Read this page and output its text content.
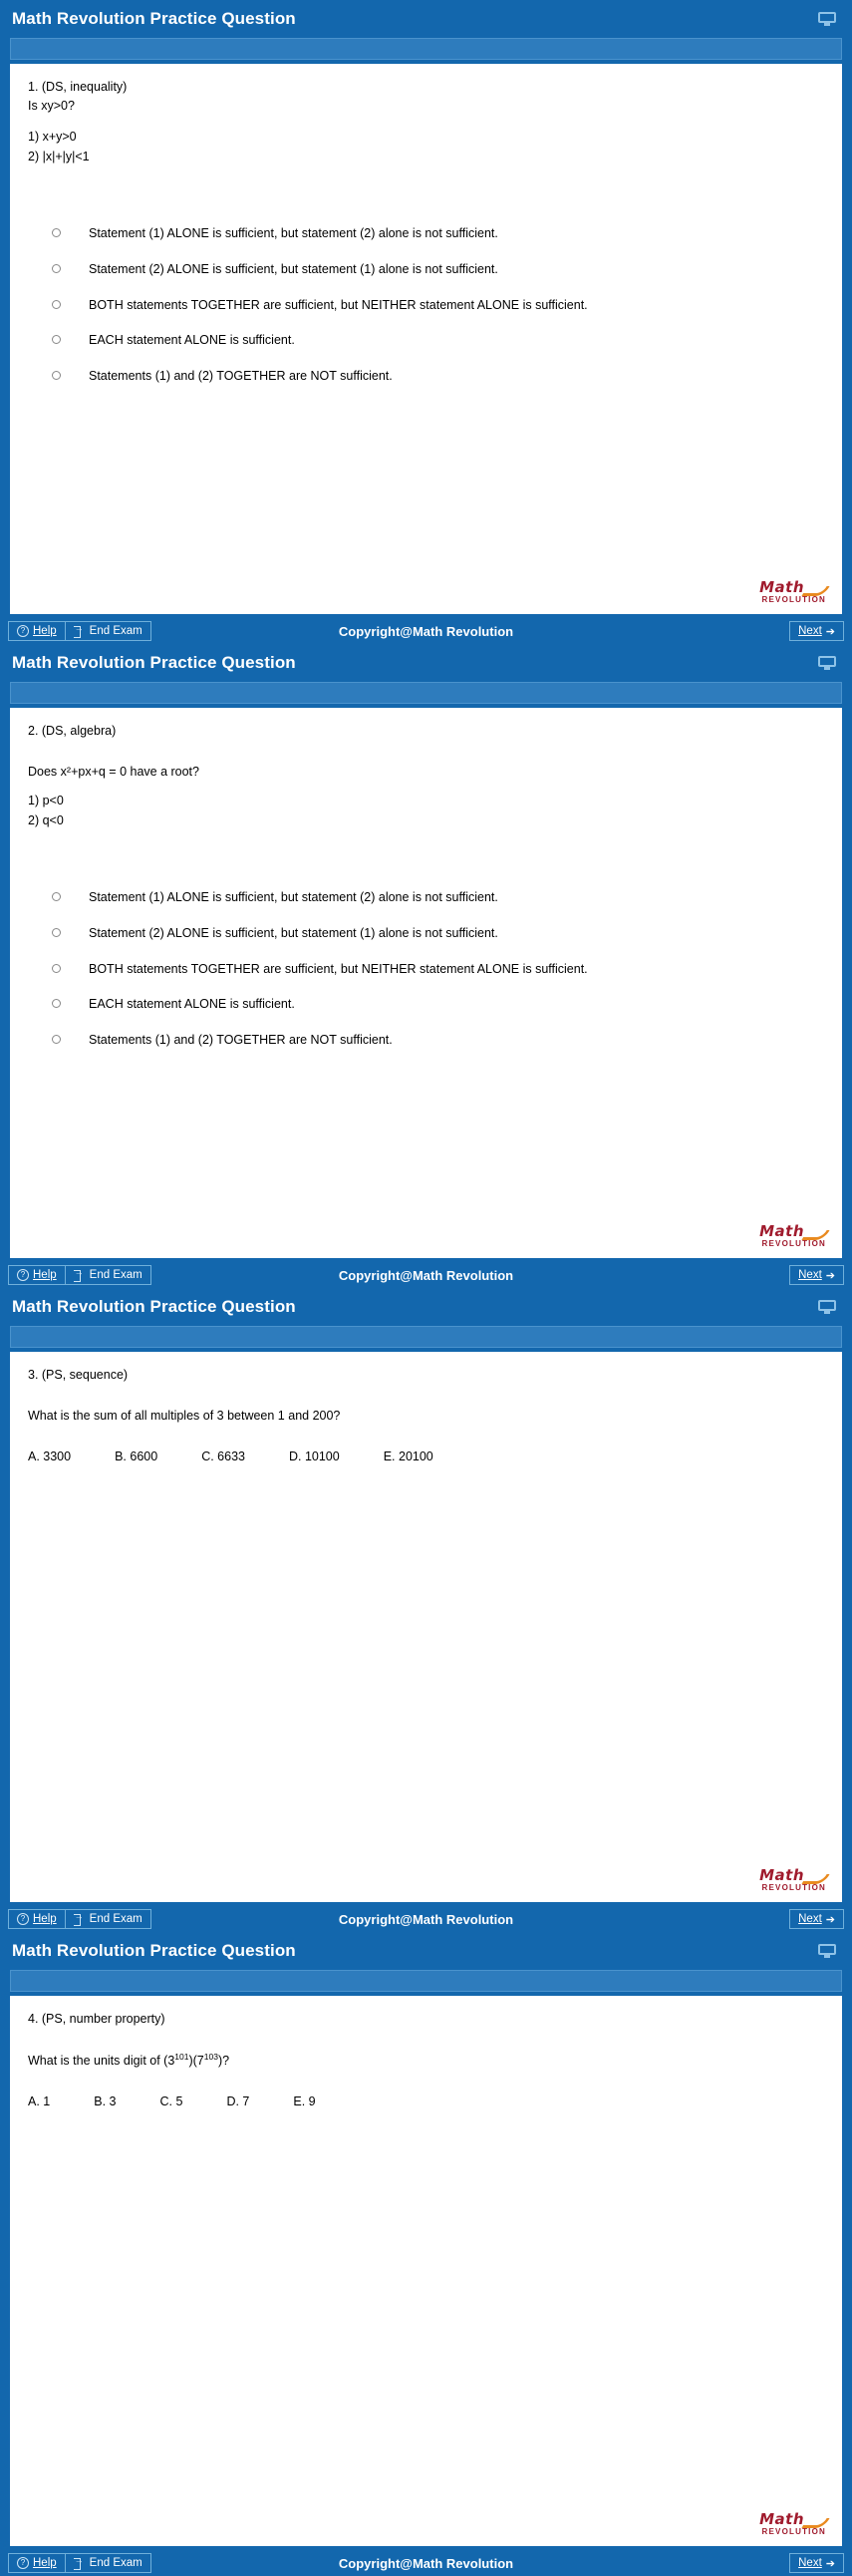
Math Revolution Practice Question
1. (DS, inequality)
Is xy>0?
1) x+y>0
2) |x|+|y|<1
Statement (1) ALONE is sufficient, but statement (2) alone is not sufficient.
Statement (2) ALONE is sufficient, but statement (1) alone is not sufficient.
BOTH statements TOGETHER are sufficient, but NEITHER statement ALONE is sufficient.
EACH statement ALONE is sufficient.
Statements (1) and (2) TOGETHER are NOT sufficient.
Math
REVOLUTION
? Help →	End Exam	Copyright@Math Revolution	Next ➔
Math Revolution Practice Question
2. (DS, algebra)
Does x²+px+q = 0 have a root?
1) p<0
2) q<0
Statement (1) ALONE is sufficient, but statement (2) alone is not sufficient.
Statement (2) ALONE is sufficient, but statement (1) alone is not sufficient.
BOTH statements TOGETHER are sufficient, but NEITHER statement ALONE is sufficient.
EACH statement ALONE is sufficient.
Statements (1) and (2) TOGETHER are NOT sufficient.
Math
REVOLUTION
? Help →	End Exam	Copyright@Math Revolution	Next ➔
Math Revolution Practice Question
3. (PS, sequence)
What is the sum of all multiples of 3 between 1 and 200?
A. 3300	B. 6600	C. 6633	D. 10100	E. 20100
Math
REVOLUTION
? Help →	End Exam	Copyright@Math Revolution	Next ➔
Math Revolution Practice Question
4. (PS, number property)
What is the units digit of $(3^{101})(7^{103})$?
A. 1	B. 3	C. 5	D. 7	E. 9
Math
REVOLUTION
? Help →	End Exam	Copyright@Math Revolution	Next ➔
